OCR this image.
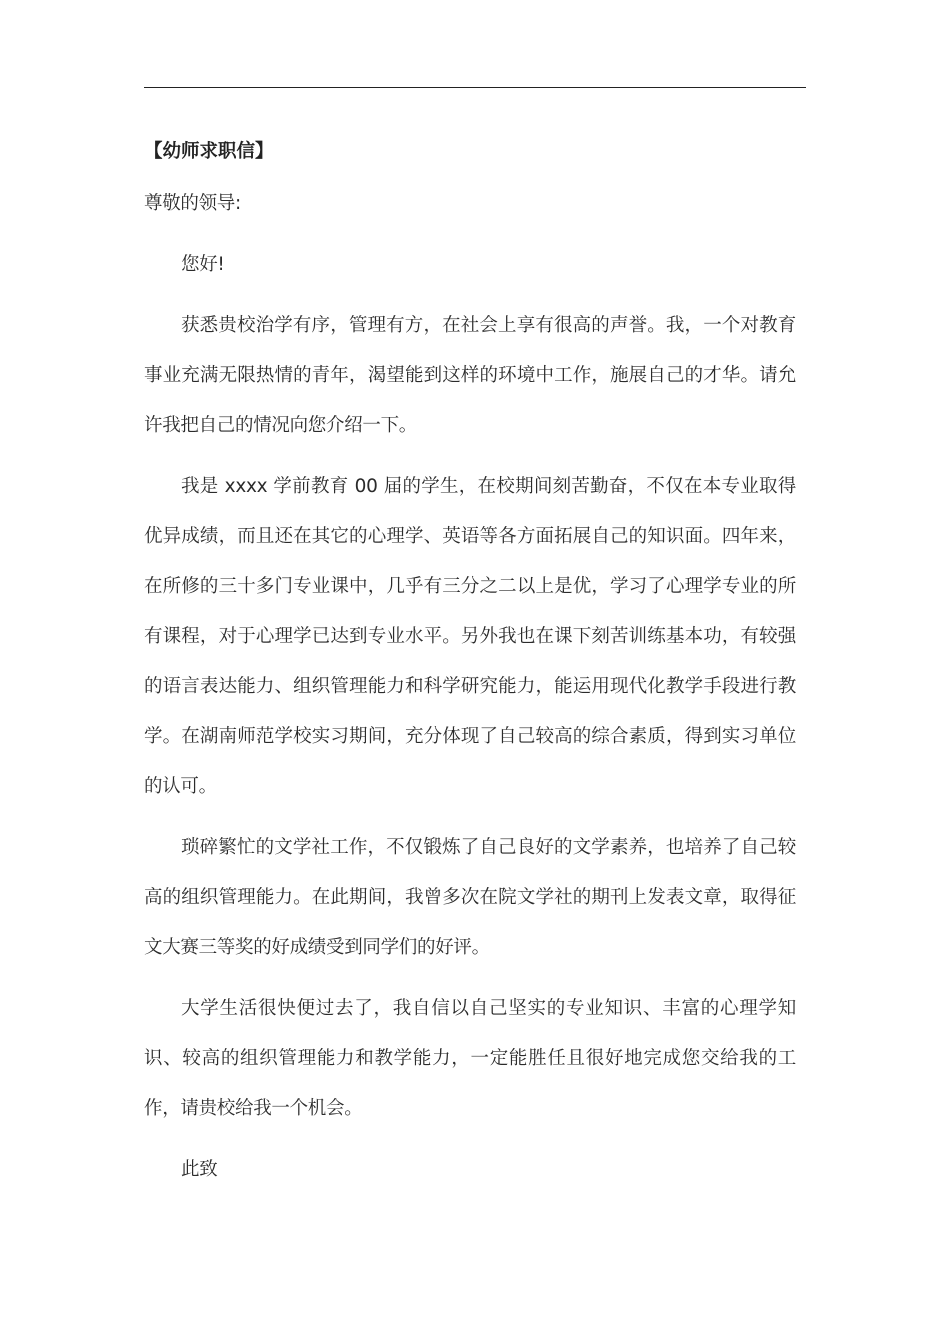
【幼师求职信】
尊敬的领导:
您好!
获悉贵校治学有序，管理有方，在社会上享有很高的声誉。我，一个对教育事业充满无限热情的青年，渴望能到这样的环境中工作，施展自己的才华。请允许我把自己的情况向您介绍一下。
我是 xxxx 学前教育 00 届的学生，在校期间刻苦勤奋，不仅在本专业取得优异成绩，而且还在其它的心理学、英语等各方面拓展自己的知识面。四年来，在所修的三十多门专业课中，几乎有三分之二以上是优，学习了心理学专业的所有课程，对于心理学已达到专业水平。另外我也在课下刻苦训练基本功，有较强的语言表达能力、组织管理能力和科学研究能力，能运用现代化教学手段进行教学。在湖南师范学校实习期间，充分体现了自己较高的综合素质，得到实习单位的认可。
琐碎繁忙的文学社工作，不仅锻炼了自己良好的文学素养，也培养了自己较高的组织管理能力。在此期间，我曾多次在院文学社的期刊上发表文章，取得征文大赛三等奖的好成绩受到同学们的好评。
大学生活很快便过去了，我自信以自己坚实的专业知识、丰富的心理学知识、较高的组织管理能力和教学能力，一定能胜任且很好地完成您交给我的工作，请贵校给我一个机会。
此致
